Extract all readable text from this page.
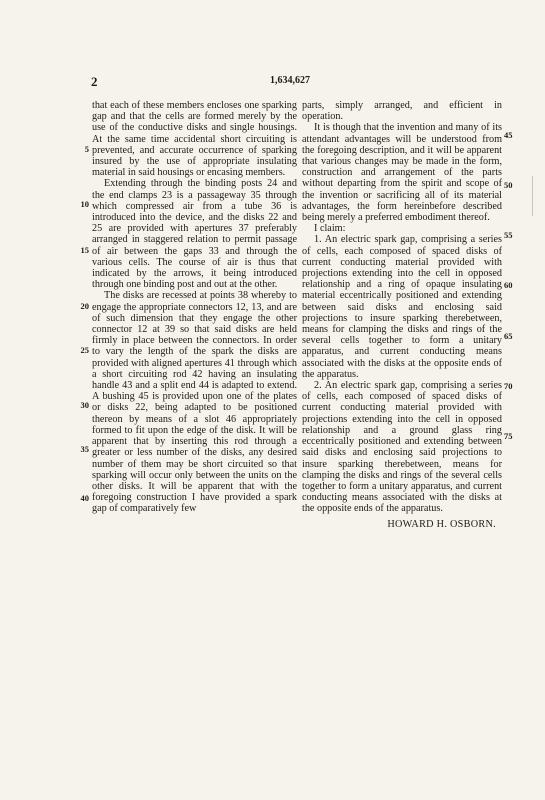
2	1,634,627
5
10
15
20
25
30
35
40
45
50
55
60
65
70
75

that each of these members encloses one sparking gap and that the cells are formed merely by the use of the conductive disks and single housings. At the same time accidental short circuiting is prevented, and accurate occurrence of sparking insured by the use of appropriate insulating material in said housings or encasing members.

Extending through the binding posts 24 and the end clamps 23 is a passageway 35 through which compressed air from a tube 36 is introduced into the device, and the disks 22 and 25 are provided with apertures 37 preferably arranged in staggered relation to permit passage of air between the gaps 33 and through the various cells. The course of air is thus that indicated by the arrows, it being introduced through one binding post and out at the other.

The disks are recessed at points 38 whereby to engage the appropriate connectors 12, 13, and are of such dimension that they engage the other connector 12 at 39 so that said disks are held firmly in place between the connectors. In order to vary the length of the spark the disks are provided with aligned apertures 41 through which a short circuiting rod 42 having an insulating handle 43 and a split end 44 is adapted to extend. A bushing 45 is provided upon one of the plates or disks 22, being adapted to be positioned thereon by means of a slot 46 appropriately formed to fit upon the edge of the disk. It will be apparent that by inserting this rod through a greater or less number of the disks, any desired number of them may be short circuited so that sparking will occur only between the units on the other disks. It will be apparent that with the foregoing construction I have provided a spark gap of comparatively few

parts, simply arranged, and efficient in operation.

It is though that the invention and many of its attendant advantages will be understood from the foregoing description, and it will be apparent that various changes may be made in the form, construction and arrangement of the parts without departing from the spirit and scope of the invention or sacrificing all of its material advantages, the form hereinbefore described being merely a preferred embodiment thereof.

I claim:

1. An electric spark gap, comprising a series of cells, each composed of spaced disks of current conducting material provided with projections extending into the cell in opposed relationship and a ring of opaque insulating material eccentrically positioned and extending between said disks and enclosing said projections to insure sparking therebetween, means for clamping the disks and rings of the several cells together to form a unitary apparatus, and current conducting means associated with the disks at the opposite ends of the apparatus.

2. An electric spark gap, comprising a series of cells, each composed of spaced disks of current conducting material provided with projections extending into the cell in opposed relationship and a ground glass ring eccentrically positioned and extending between said disks and enclosing said projections to insure sparking therebetween, means for clamping the disks and rings of the several cells together to form a unitary apparatus, and current conducting means associated with the disks at the opposite ends of the apparatus.

HOWARD H. OSBORN.
